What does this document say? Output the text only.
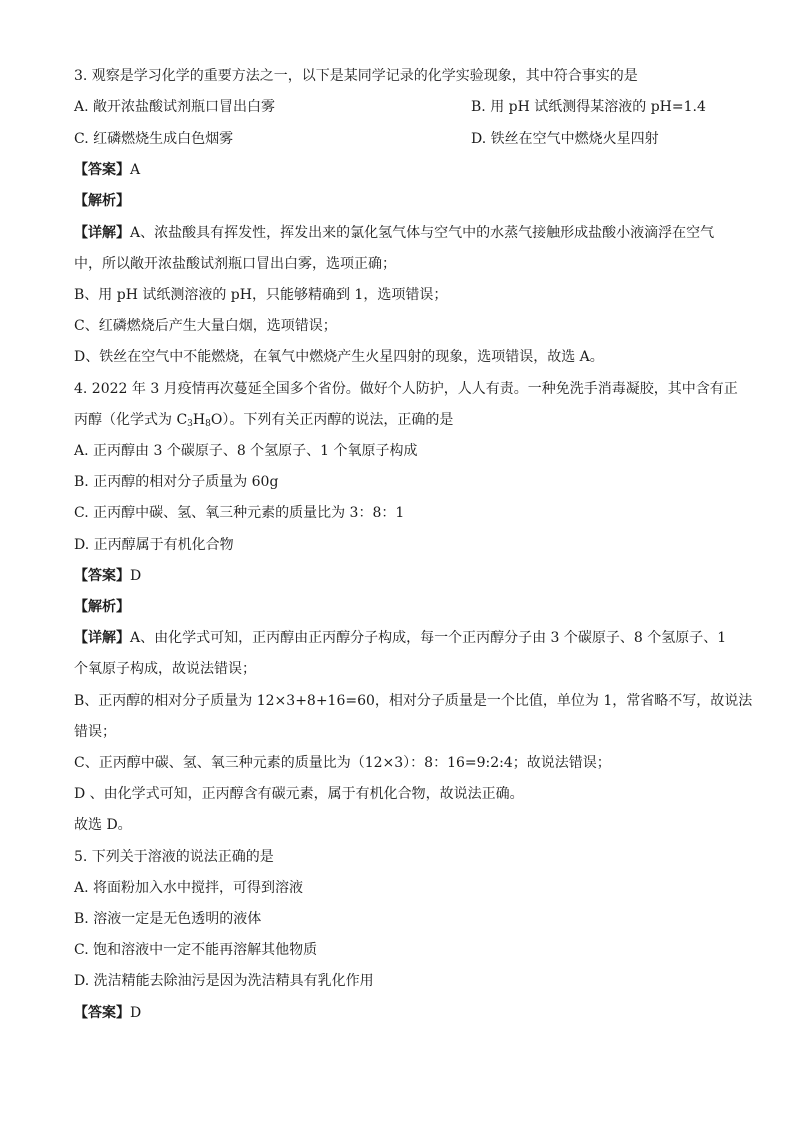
3. 观察是学习化学的重要方法之一，以下是某同学记录的化学实验现象，其中符合事实的是
A. 敞开浓盐酸试剂瓶口冒出白雾	B. 用 pH 试纸测得某溶液的 pH=1.4
C. 红磷燃烧生成白色烟雾	D. 铁丝在空气中燃烧火星四射
【答案】A
【解析】
【详解】A、浓盐酸具有挥发性，挥发出来的氯化氢气体与空气中的水蒸气接触形成盐酸小液滴浮在空气
中，所以敞开浓盐酸试剂瓶口冒出白雾，选项正确；
B、用 pH 试纸测溶液的 pH，只能够精确到 1，选项错误；
C、红磷燃烧后产生大量白烟，选项错误；
D、铁丝在空气中不能燃烧，在氧气中燃烧产生火星四射的现象，选项错误，故选 A。
4. 2022 年 3 月疫情再次蔓延全国多个省份。做好个人防护，人人有责。一种免洗手消毒凝胶，其中含有正
丙醇（化学式为 $C_3H_8O$）。下列有关正丙醇的说法，正确的是
A. 正丙醇由 3 个碳原子、8 个氢原子、1 个氧原子构成
B. 正丙醇的相对分子质量为 60g
C. 正丙醇中碳、氢、氧三种元素的质量比为 3：8：1
D. 正丙醇属于有机化合物
【答案】D
【解析】
【详解】A、由化学式可知，正丙醇由正丙醇分子构成，每一个正丙醇分子由 3 个碳原子、8 个氢原子、1
个氧原子构成，故说法错误；
B、正丙醇的相对分子质量为 12×3+8+16=60，相对分子质量是一个比值，单位为 1，常省略不写，故说法
错误；
C、正丙醇中碳、氢、氧三种元素的质量比为（12×3）：8：16=9:2:4；故说法错误；
D 、由化学式可知，正丙醇含有碳元素，属于有机化合物，故说法正确。
故选 D。
5. 下列关于溶液的说法正确的是
A. 将面粉加入水中搅拌，可得到溶液
B. 溶液一定是无色透明的液体
C. 饱和溶液中一定不能再溶解其他物质
D. 洗洁精能去除油污是因为洗洁精具有乳化作用
【答案】D
